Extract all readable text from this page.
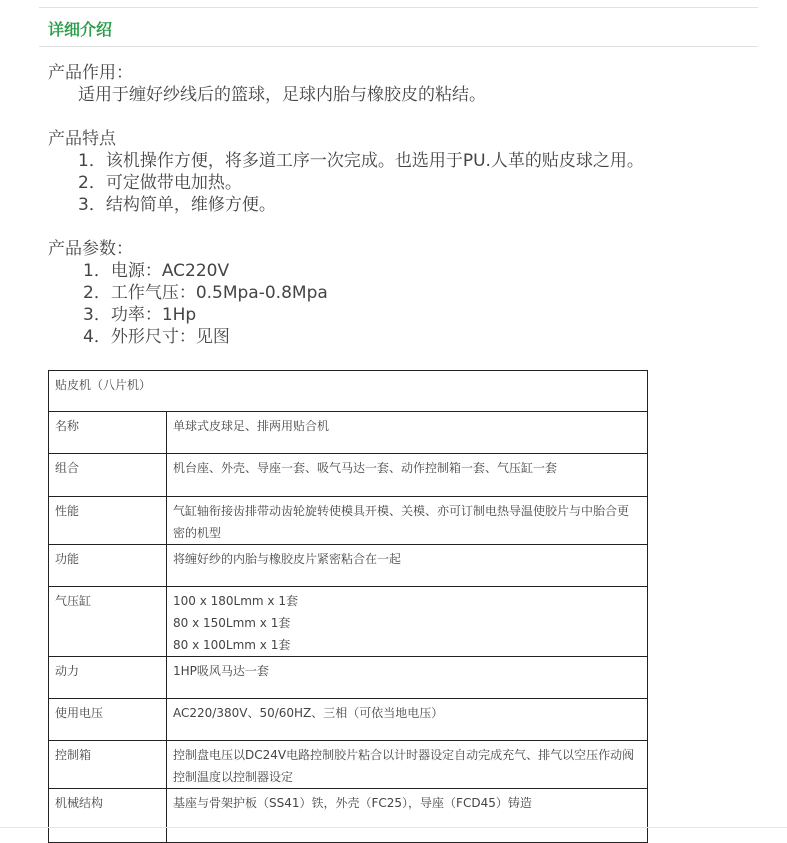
详细介绍
产品作用：
适用于缠好纱线后的篮球，足球内胎与橡胶皮的粘结。
产品特点
1．该机操作方便，将多道工序一次完成。也选用于PU.人革的贴皮球之用。
2．可定做带电加热。
3．结构简单，维修方便。
产品参数：
1．电源：AC220V
2．工作气压：0.5Mpa-0.8Mpa
3．功率：1Hp
4．外形尺寸：见图
贴皮机（八片机）	
名称	单球式皮球足、排两用贴合机

组合	机台座、外壳、导座一套、吸气马达一套、动作控制箱一套、气压缸一套

性能	气缸轴衔接齿排带动齿轮旋转使模具开模、关模、亦可订制电热导温使胶片与中胎合更
密的机型

功能	将缠好纱的内胎与橡胶皮片紧密粘合在一起

气压缸	100 x 180Lmm x 1套
80 x 150Lmm x 1套
80 x 100Lmm x 1套

动力	1HP吸风马达一套

使用电压	AC220/380V、50/60HZ、三相（可依当地电压）

控制箱	控制盘电压以DC24V电路控制胶片粘合以计时器设定自动完成充气、排气以空压作动阀
控制温度以控制器设定

机械结构	基座与骨架护板（SS41）铁，外壳（FC25），导座（FCD45）铸造
